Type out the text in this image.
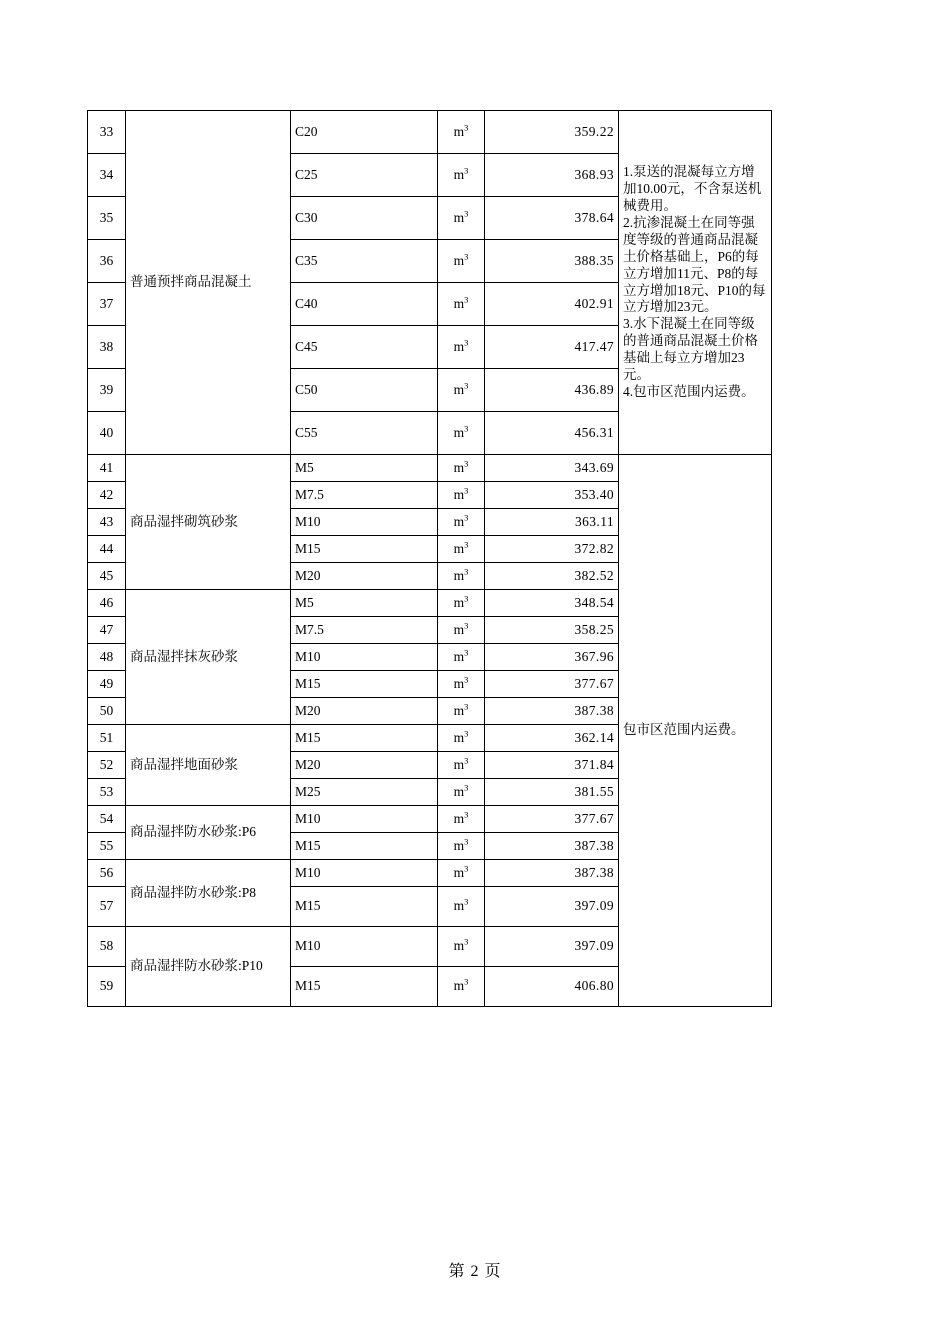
33	普通预拌商品混凝土	C20	$m^3$	359.22	1.泵送的混凝每立方增加10.00元，不含泵送机械费用。
2.抗渗混凝土在同等强度等级的普通商品混凝土价格基础上，P6的每立方增加11元、P8的每立方增加18元、P10的每立方增加23元。
3.水下混凝土在同等级的普通商品混凝土价格基础上每立方增加23元。
4.包市区范围内运费。

34		C25	$m^3$	368.93	
35		C30	$m^3$	378.64	
36		C35	$m^3$	388.35	
37		C40	$m^3$	402.91	
38		C45	$m^3$	417.47	
39		C50	$m^3$	436.89	
40		C55	$m^3$	456.31	
41	商品湿拌砌筑砂浆	M5	$m^3$	343.69	包市区范围内运费。
42		M7.5	$m^3$	353.40	
43		M10	$m^3$	363.11	
44		M15	$m^3$	372.82	
45		M20	$m^3$	382.52	
46	商品湿拌抹灰砂浆	M5	$m^3$	348.54	
47		M7.5	$m^3$	358.25	
48		M10	$m^3$	367.96	
49		M15	$m^3$	377.67	
50		M20	$m^3$	387.38	
51	商品湿拌地面砂浆	M15	$m^3$	362.14	
52		M20	$m^3$	371.84	
53		M25	$m^3$	381.55	
54	商品湿拌防水砂浆:P6	M10	$m^3$	377.67	
55		M15	$m^3$	387.38	
56	商品湿拌防水砂浆:P8	M10	$m^3$	387.38	
57		M15	$m^3$	397.09	
58	商品湿拌防水砂浆:P10	M10	$m^3$	397.09	
59		M15	$m^3$	406.80	
第 2 页
